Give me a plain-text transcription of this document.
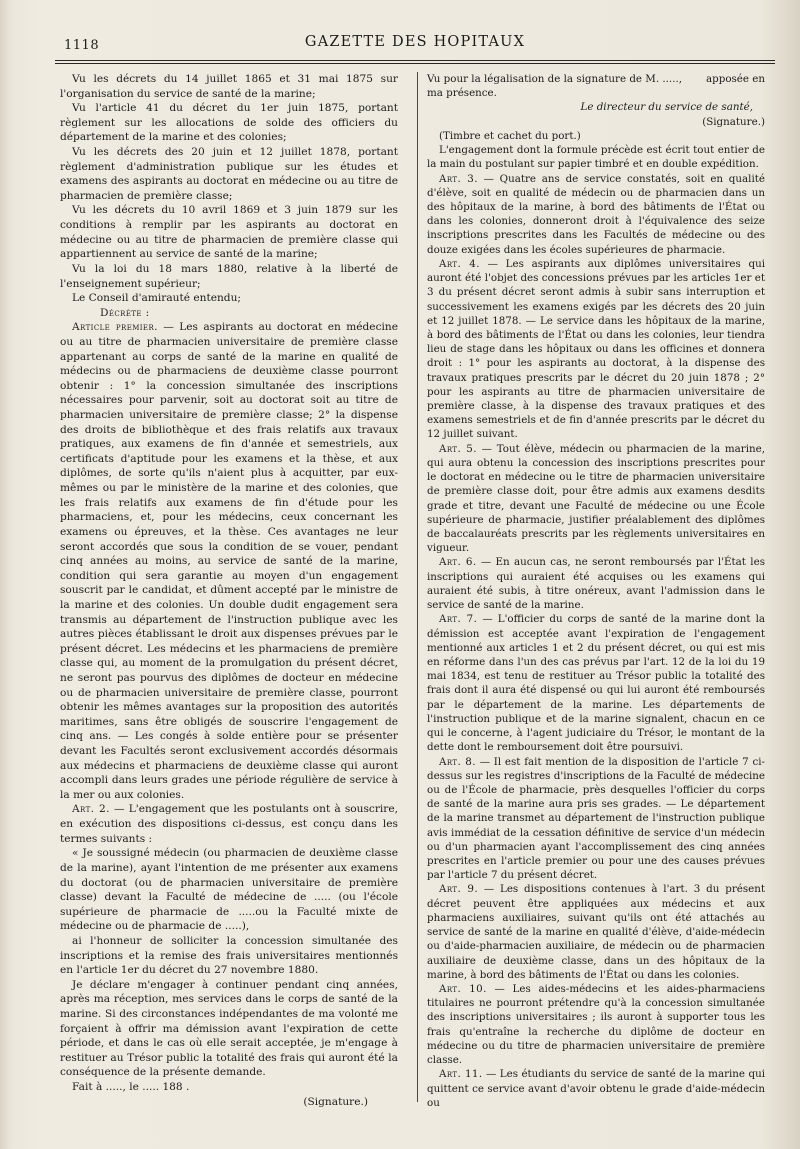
1118	GAZETTE DES HOPITAUX

Vu les décrets du 14 juillet 1865 et 31 mai 1875 sur l'organisation du service de santé de la marine;

Vu l'article 41 du décret du 1er juin 1875, portant règlement sur les allocations de solde des officiers du département de la marine et des colonies;

Vu les décrets des 20 juin et 12 juillet 1878, portant règlement d'administration publique sur les études et examens des aspirants au doctorat en médecine ou au titre de pharmacien de première classe;

Vu les décrets du 10 avril 1869 et 3 juin 1879 sur les conditions à remplir par les aspirants au doctorat en médecine ou au titre de pharmacien de première classe qui appartiennent au service de santé de la marine;

Vu la loi du 18 mars 1880, relative à la liberté de l'enseignement supérieur;

Le Conseil d'amirauté entendu;

Décrète :

Article premier. — Les aspirants au doctorat en médecine ou au titre de pharmacien universitaire de première classe appartenant au corps de santé de la marine en qualité de médecins ou de pharmaciens de deuxième classe pourront obtenir : 1° la concession simultanée des inscriptions nécessaires pour parvenir, soit au doctorat soit au titre de pharmacien universitaire de première classe; 2° la dispense des droits de bibliothèque et des frais relatifs aux travaux pratiques, aux examens de fin d'année et semestriels, aux certificats d'aptitude pour les examens et la thèse, et aux diplômes, de sorte qu'ils n'aient plus à acquitter, par eux-mêmes ou par le ministère de la marine et des colonies, que les frais relatifs aux examens de fin d'étude pour les pharmaciens, et, pour les médecins, ceux concernant les examens ou épreuves, et la thèse. Ces avantages ne leur seront accordés que sous la condition de se vouer, pendant cinq années au moins, au service de santé de la marine, condition qui sera garantie au moyen d'un engagement souscrit par le candidat, et dûment accepté par le ministre de la marine et des colonies. Un double dudit engagement sera transmis au département de l'instruction publique avec les autres pièces établissant le droit aux dispenses prévues par le présent décret. Les médecins et les pharmaciens de première classe qui, au moment de la promulgation du présent décret, ne seront pas pourvus des diplômes de docteur en médecine ou de pharmacien universitaire de première classe, pourront obtenir les mêmes avantages sur la proposition des autorités maritimes, sans être obligés de souscrire l'engagement de cinq ans. — Les congés à solde entière pour se présenter devant les Facultés seront exclusivement accordés désormais aux médecins et pharmaciens de deuxième classe qui auront accompli dans leurs grades une période régulière de service à la mer ou aux colonies.

Art. 2. — L'engagement que les postulants ont à souscrire, en exécution des dispositions ci-dessus, est conçu dans les termes suivants :

« Je soussigné médecin (ou pharmacien de deuxième classe de la marine), ayant l'intention de me présenter aux examens du doctorat (ou de pharmacien universitaire de première classe) devant la Faculté de médecine de ..... (ou l'école supérieure de pharmacie de .....ou la Faculté mixte de médecine ou de pharmacie de .....),

ai l'honneur de solliciter la concession simultanée des inscriptions et la remise des frais universitaires mentionnés en l'article 1er du décret du 27 novembre 1880.

Je déclare m'engager à continuer pendant cinq années, après ma réception, mes services dans le corps de santé de la marine. Si des circonstances indépendantes de ma volonté me forçaient à offrir ma démission avant l'expiration de cette période, et dans le cas où elle serait acceptée, je m'engage à restituer au Trésor public la totalité des frais qui auront été la conséquence de la présente demande.

Fait à ....., le ..... 188 .

(Signature.)

Vu pour la légalisation de la signature de M. ....., apposée en

ma présence.

Le directeur du service de santé,

(Signature.)

(Timbre et cachet du port.)

L'engagement dont la formule précède est écrit tout entier de la main du postulant sur papier timbré et en double expédition.

Art. 3. — Quatre ans de service constatés, soit en qualité d'élève, soit en qualité de médecin ou de pharmacien dans un des hôpitaux de la marine, à bord des bâtiments de l'État ou dans les colonies, donneront droit à l'équivalence des seize inscriptions prescrites dans les Facultés de médecine ou des douze exigées dans les écoles supérieures de pharmacie.

Art. 4. — Les aspirants aux diplômes universitaires qui auront été l'objet des concessions prévues par les articles 1er et 3 du présent décret seront admis à subir sans interruption et successivement les examens exigés par les décrets des 20 juin et 12 juillet 1878. — Le service dans les hôpitaux de la marine, à bord des bâtiments de l'État ou dans les colonies, leur tiendra lieu de stage dans les hôpitaux ou dans les officines et donnera droit : 1° pour les aspirants au doctorat, à la dispense des travaux pratiques prescrits par le décret du 20 juin 1878 ; 2° pour les aspirants au titre de pharmacien universitaire de première classe, à la dispense des travaux pratiques et des examens semestriels et de fin d'année prescrits par le décret du 12 juillet suivant.

Art. 5. — Tout élève, médecin ou pharmacien de la marine, qui aura obtenu la concession des inscriptions prescrites pour le doctorat en médecine ou le titre de pharmacien universitaire de première classe doit, pour être admis aux examens desdits grade et titre, devant une Faculté de médecine ou une École supérieure de pharmacie, justifier préalablement des diplômes de baccalauréats prescrits par les règlements universitaires en vigueur.

Art. 6. — En aucun cas, ne seront remboursés par l'État les inscriptions qui auraient été acquises ou les examens qui auraient été subis, à titre onéreux, avant l'admission dans le service de santé de la marine.

Art. 7. — L'officier du corps de santé de la marine dont la démission est acceptée avant l'expiration de l'engagement mentionné aux articles 1 et 2 du présent décret, ou qui est mis en réforme dans l'un des cas prévus par l'art. 12 de la loi du 19 mai 1834, est tenu de restituer au Trésor public la totalité des frais dont il aura été dispensé ou qui lui auront été remboursés par le département de la marine. Les départements de l'instruction publique et de la marine signalent, chacun en ce qui le concerne, à l'agent judiciaire du Trésor, le montant de la dette dont le remboursement doit être poursuivi.

Art. 8. — Il est fait mention de la disposition de l'article 7 ci-dessus sur les registres d'inscriptions de la Faculté de médecine ou de l'École de pharmacie, près desquelles l'officier du corps de santé de la marine aura pris ses grades. — Le département de la marine transmet au département de l'instruction publique avis immédiat de la cessation définitive de service d'un médecin ou d'un pharmacien ayant l'accomplissement des cinq années prescrites en l'article premier ou pour une des causes prévues par l'article 7 du présent décret.

Art. 9. — Les dispositions contenues à l'art. 3 du présent décret peuvent être appliquées aux médecins et aux pharmaciens auxiliaires, suivant qu'ils ont été attachés au service de santé de la marine en qualité d'élève, d'aide-médecin ou d'aide-pharmacien auxiliaire, de médecin ou de pharmacien auxiliaire de deuxième classe, dans un des hôpitaux de la marine, à bord des bâtiments de l'État ou dans les colonies.

Art. 10. — Les aides-médecins et les aides-pharmaciens titulaires ne pourront prétendre qu'à la concession simultanée des inscriptions universitaires ; ils auront à supporter tous les frais qu'entraîne la recherche du diplôme de docteur en médecine ou du titre de pharmacien universitaire de première classe.

Art. 11. — Les étudiants du service de santé de la marine qui quittent ce service avant d'avoir obtenu le grade d'aide-médecin ou
